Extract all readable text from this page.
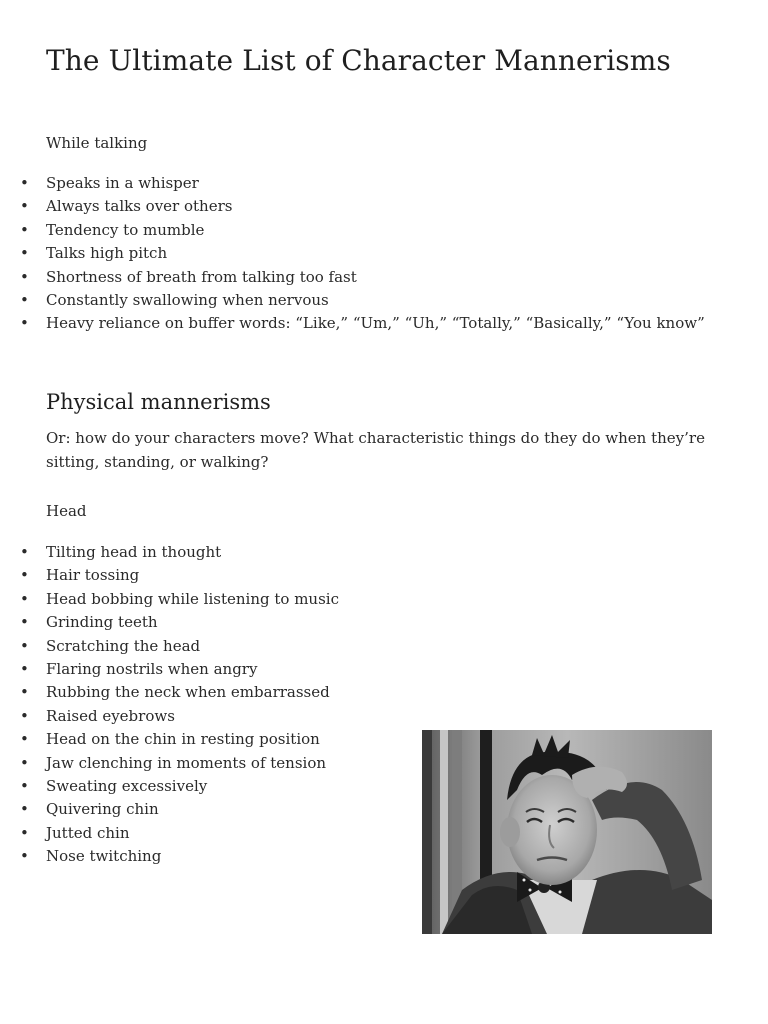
The Ultimate List of Character Mannerisms

While talking

• Speaks in a whisper
• Always talks over others
• Tendency to mumble
• Talks high pitch
• Shortness of breath from talking too fast
• Constantly swallowing when nervous
• Heavy reliance on buffer words: “Like,” “Um,” “Uh,” “Totally,” “Basically,” “You know”
Physical mannerisms

Or: how do your characters move? What characteristic things do they do when they’re sitting, standing, or walking?

Head

• Tilting head in thought
• Hair tossing
• Head bobbing while listening to music
• Grinding teeth
• Scratching the head
• Flaring nostrils when angry
• Rubbing the neck when embarrassed
• Raised eyebrows
• Head on the chin in resting position
• Jaw clenching in moments of tension
• Sweating excessively
• Quivering chin
• Jutted chin
• Nose twitching
